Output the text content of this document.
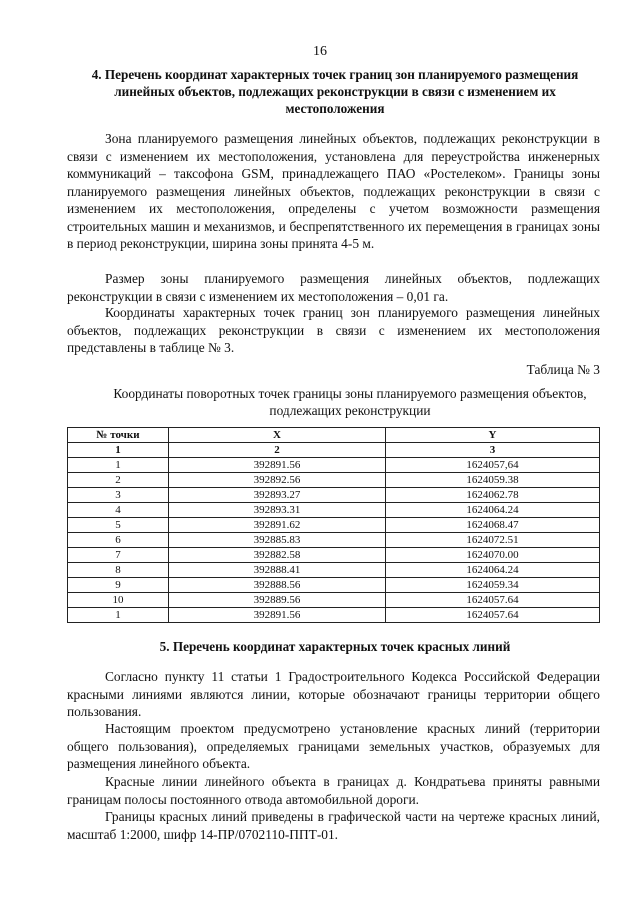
16
4. Перечень координат характерных точек границ зон планируемого размещения линейных объектов, подлежащих реконструкции в связи с изменением их местоположения

Зона планируемого размещения линейных объектов, подлежащих реконструкции в связи с изменением их местоположения, установлена для переустройства инженерных коммуникаций – таксофона GSM, принадлежащего ПАО «Ростелеком». Границы зоны планируемого размещения линейных объектов, подлежащих реконструкции в связи с изменением их местоположения, определены с учетом возможности размещения строительных машин и механизмов, и беспрепятственного их перемещения в границах зоны в период реконструкции, ширина зоны принята 4-5 м.

Размер зоны планируемого размещения линейных объектов, подлежащих реконструкции в связи с изменением их местоположения – 0,01 га.

Координаты характерных точек границ зон планируемого размещения линейных объектов, подлежащих реконструкции в связи с изменением их местоположения представлены в таблице № 3.

Таблица № 3
Координаты поворотных точек границы зоны планируемого размещения объектов, подлежащих реконструкции
№ точки	X	Y
1	2	3
1	392891.56	1624057,64
2	392892.56	1624059.38
3	392893.27	1624062.78
4	392893.31	1624064.24
5	392891.62	1624068.47
6	392885.83	1624072.51
7	392882.58	1624070.00
8	392888.41	1624064.24
9	392888.56	1624059.34
10	392889.56	1624057.64
1	392891.56	1624057.64
5. Перечень координат характерных точек красных линий

Согласно пункту 11 статьи 1 Градостроительного Кодекса Российской Федерации красными линиями являются линии, которые обозначают границы территории общего пользования.

Настоящим проектом предусмотрено установление красных линий (территории общего пользования), определяемых границами земельных участков, образуемых для размещения линейного объекта.

Красные линии линейного объекта в границах д. Кондратьева приняты равными границам полосы постоянного отвода автомобильной дороги.

Границы красных линий приведены в графической части на чертеже красных линий, масштаб 1:2000, шифр 14-ПР/0702110-ППТ-01.
